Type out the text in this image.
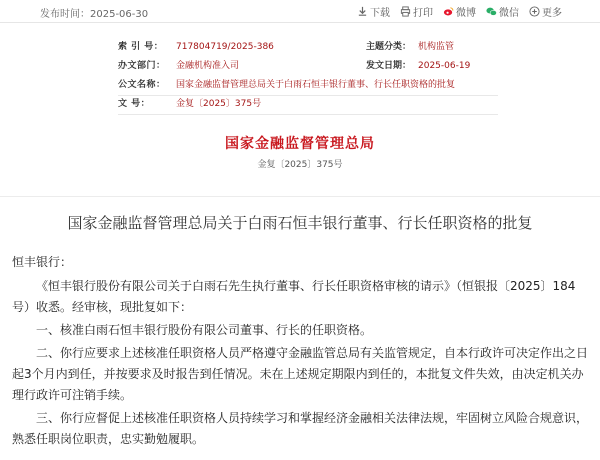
发布时间：2025-06-30	下载 打印 微博 微信 更多
索 引 号： 717804719/2025-386	主题分类： 机构监管
办文部门： 金融机构准入司	发文日期： 2025-06-19
公文名称： 国家金融监督管理总局关于白雨石恒丰银行董事、行长任职资格的批复
文 号：	金复〔2025〕375号
国家金融监督管理总局
金复〔2025〕375号
国家金融监督管理总局关于白雨石恒丰银行董事、行长任职资格的批复

恒丰银行：

《恒丰银行股份有限公司关于白雨石先生执行董事、行长任职资格审核的请示》（恒银报〔2025〕184号）收悉。经审核，现批复如下：

一、核准白雨石恒丰银行股份有限公司董事、行长的任职资格。

二、你行应要求上述核准任职资格人员严格遵守金融监管总局有关监管规定，自本行政许可决定作出之日起3个月内到任，并按要求及时报告到任情况。未在上述规定期限内到任的，本批复文件失效，由决定机关办理行政许可注销手续。

三、你行应督促上述核准任职资格人员持续学习和掌握经济金融相关法律法规，牢固树立风险合规意识，熟悉任职岗位职责，忠实勤勉履职。
